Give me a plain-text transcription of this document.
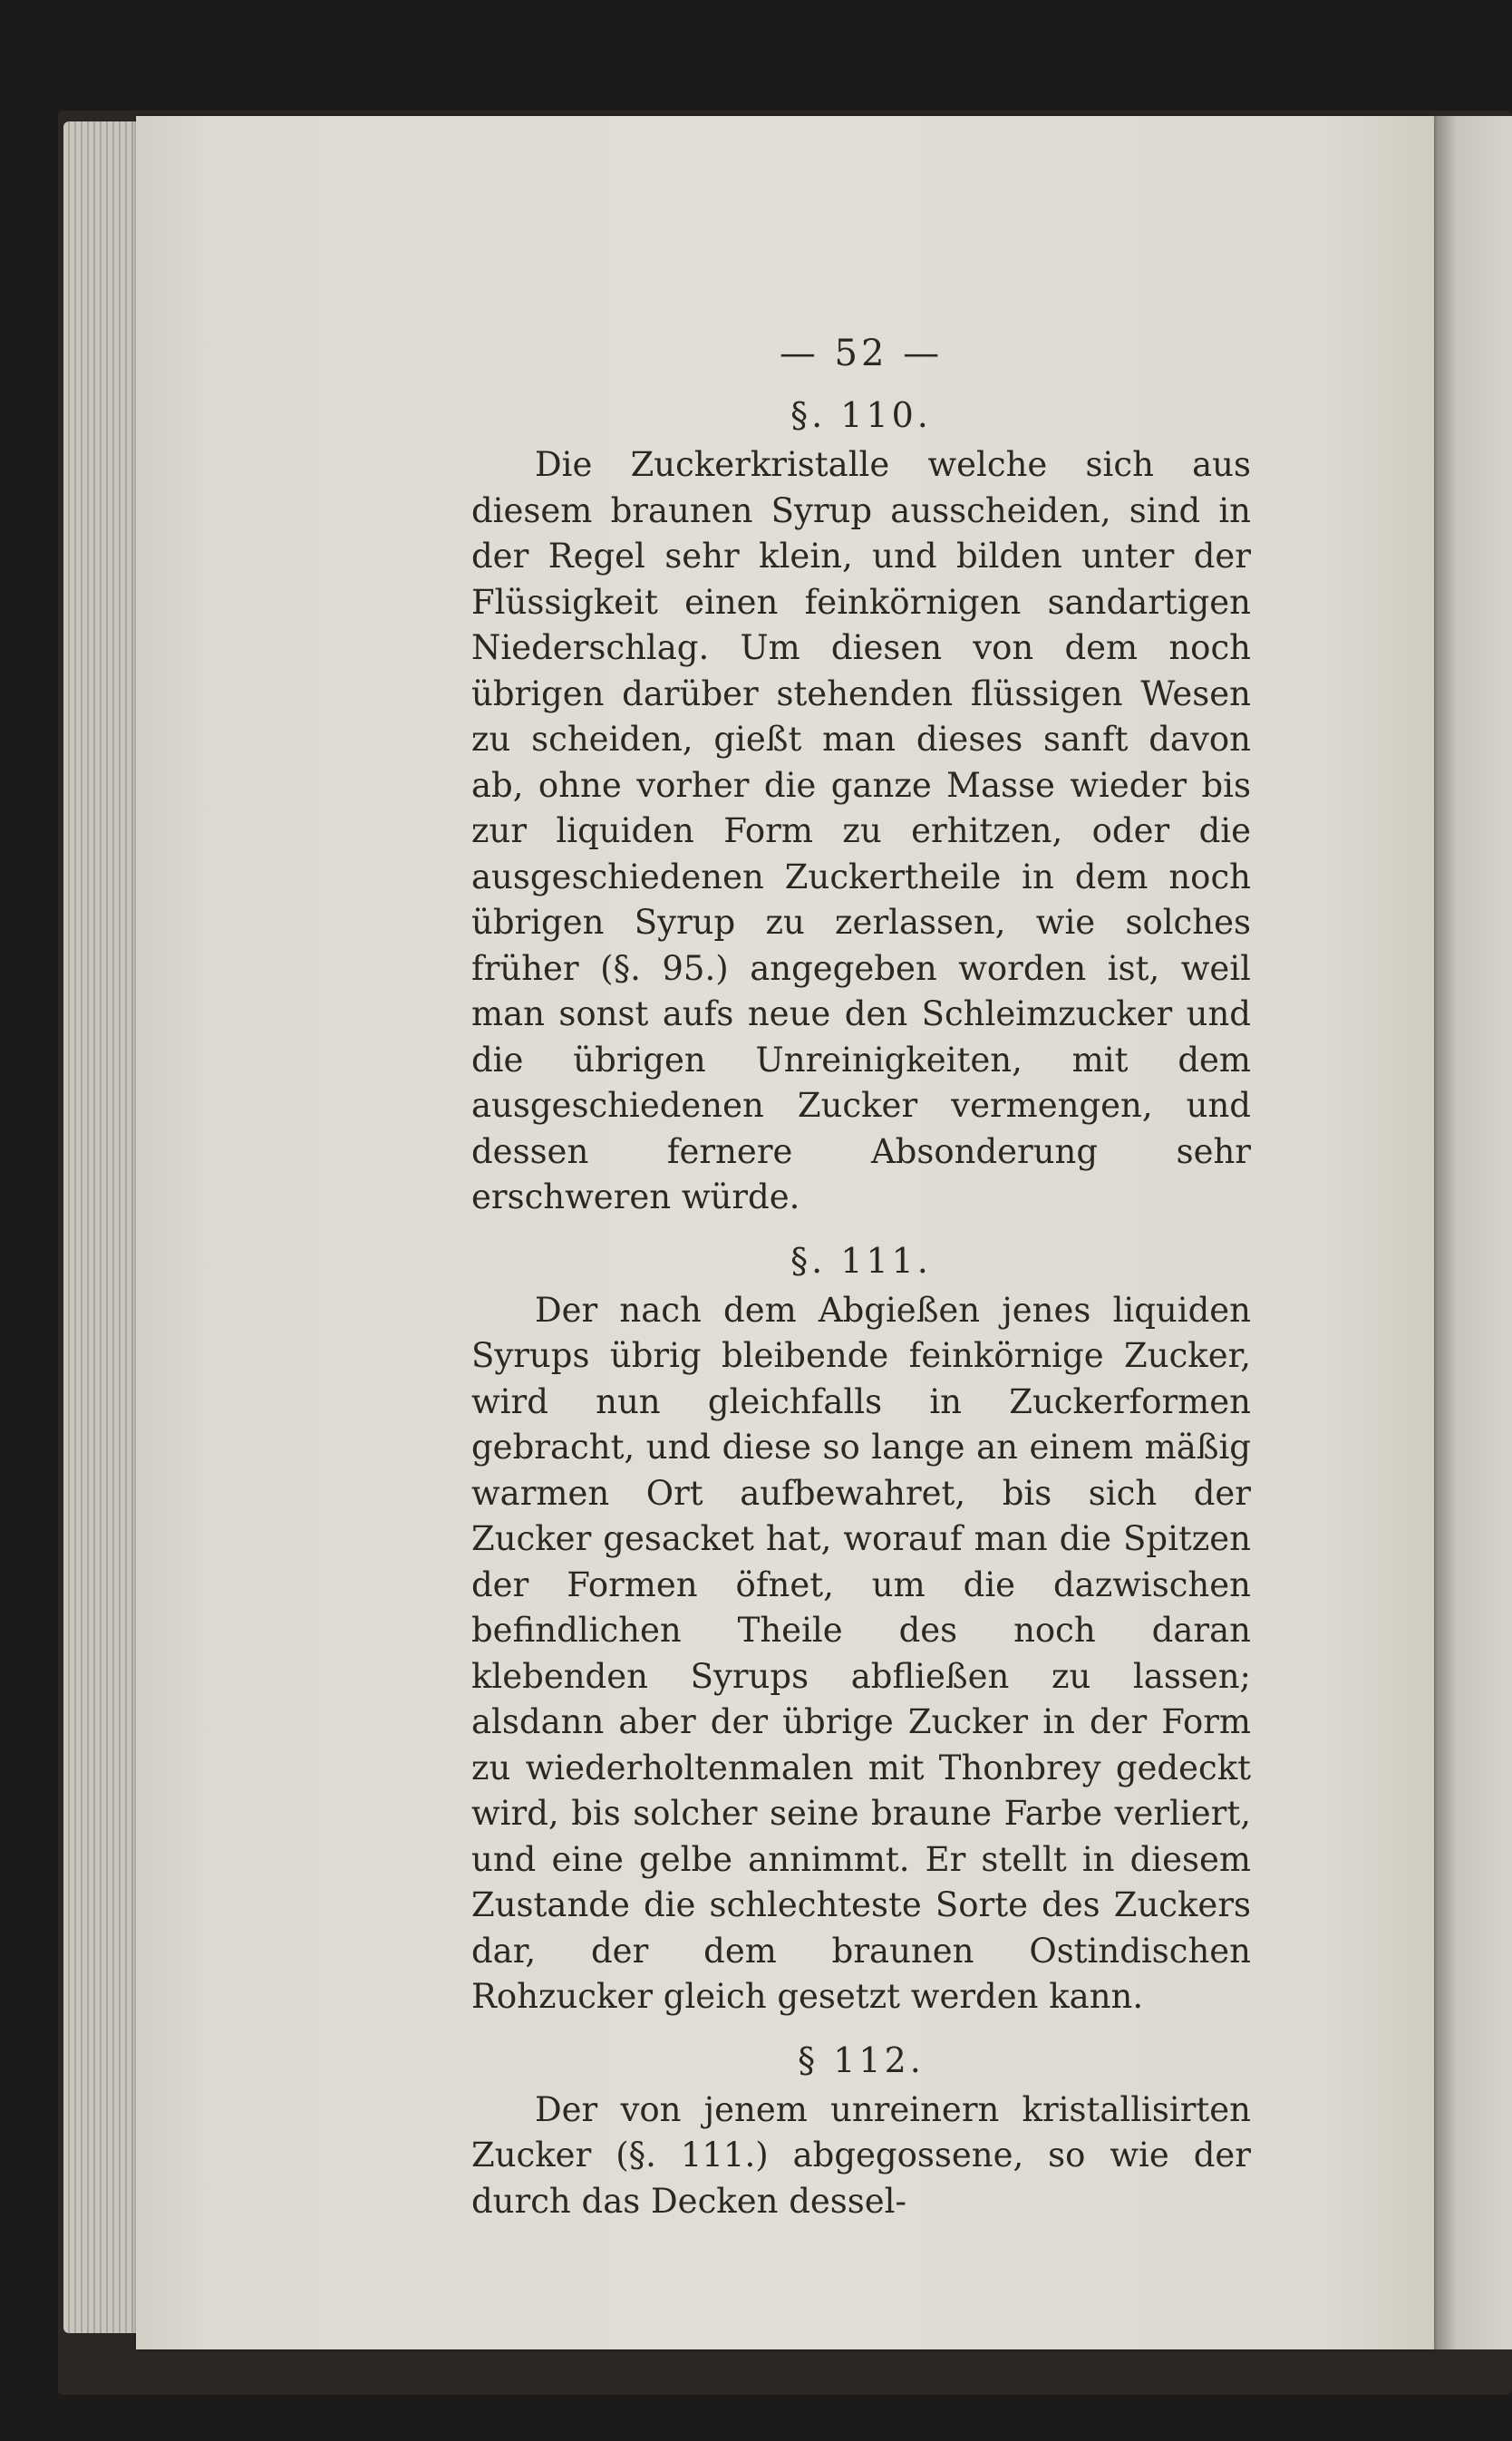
— 52 —
§. 110.

Die Zuckerkristalle welche sich aus diesem braunen Syrup ausscheiden, sind in der Regel sehr klein, und bilden unter der Flüssigkeit einen feinkörnigen sandartigen Niederschlag. Um diesen von dem noch übrigen darüber stehenden flüssigen Wesen zu scheiden, gießt man dieses sanft davon ab, ohne vorher die ganze Masse wieder bis zur liquiden Form zu erhitzen, oder die ausgeschiedenen Zuckertheile in dem noch übrigen Syrup zu zerlassen, wie solches früher (§. 95.) angegeben worden ist, weil man sonst aufs neue den Schleimzucker und die übrigen Unreinigkeiten, mit dem ausgeschiedenen Zucker vermengen, und dessen fernere Absonderung sehr erschweren würde.

§. 111.

Der nach dem Abgießen jenes liquiden Syrups übrig bleibende feinkörnige Zucker, wird nun gleichfalls in Zuckerformen gebracht, und diese so lange an einem mäßig warmen Ort aufbewahret, bis sich der Zucker gesacket hat, worauf man die Spitzen der Formen öfnet, um die dazwischen befindlichen Theile des noch daran klebenden Syrups abfließen zu lassen; alsdann aber der übrige Zucker in der Form zu wiederholtenmalen mit Thonbrey gedeckt wird, bis solcher seine braune Farbe verliert, und eine gelbe annimmt. Er stellt in diesem Zustande die schlechteste Sorte des Zuckers dar, der dem braunen Ostindischen Rohzucker gleich gesetzt werden kann.

§ 112.

Der von jenem unreinern kristallisirten Zucker (§. 111.) abgegossene, so wie der durch das Decken dessel-
